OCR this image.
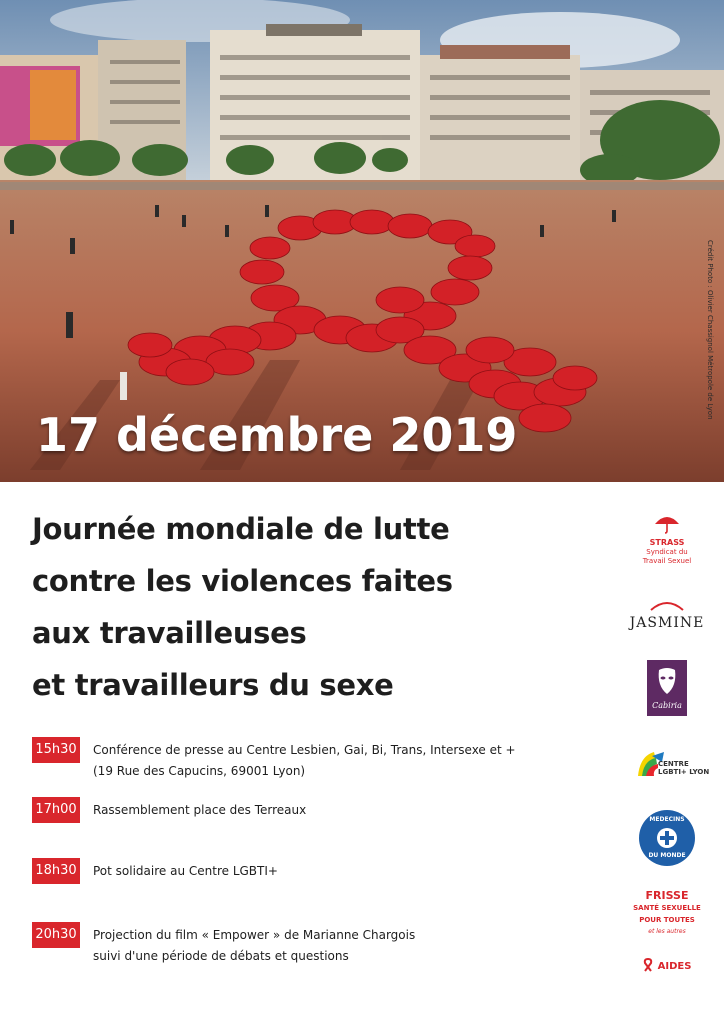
Crédit Photo : Olivier Chassignol Métropole de Lyon
17 décembre 2019
Journée mondiale de lutte
contre les violences faites
aux travailleuses
et travailleurs du sexe
15h30 Conférence de presse au Centre Lesbien, Gai, Bi, Trans, Intersexe et +
(19 Rue des Capucins, 69001 Lyon)
17h00 Rassemblement place des Terreaux
18h30 Pot solidaire au Centre LGBTI+
20h30 Projection du film « Empower » de Marianne Chargois
suivi d'une période de débats et questions
STRASS
Syndicat du
Travail Sexuel
JASMINE
Cabiria
CENTRE
LGBTI+ LYON
MEDECINS
DU MONDE
FRISSE
SANTÉ SEXUELLE
POUR TOUTES
et les autres
AIDES
